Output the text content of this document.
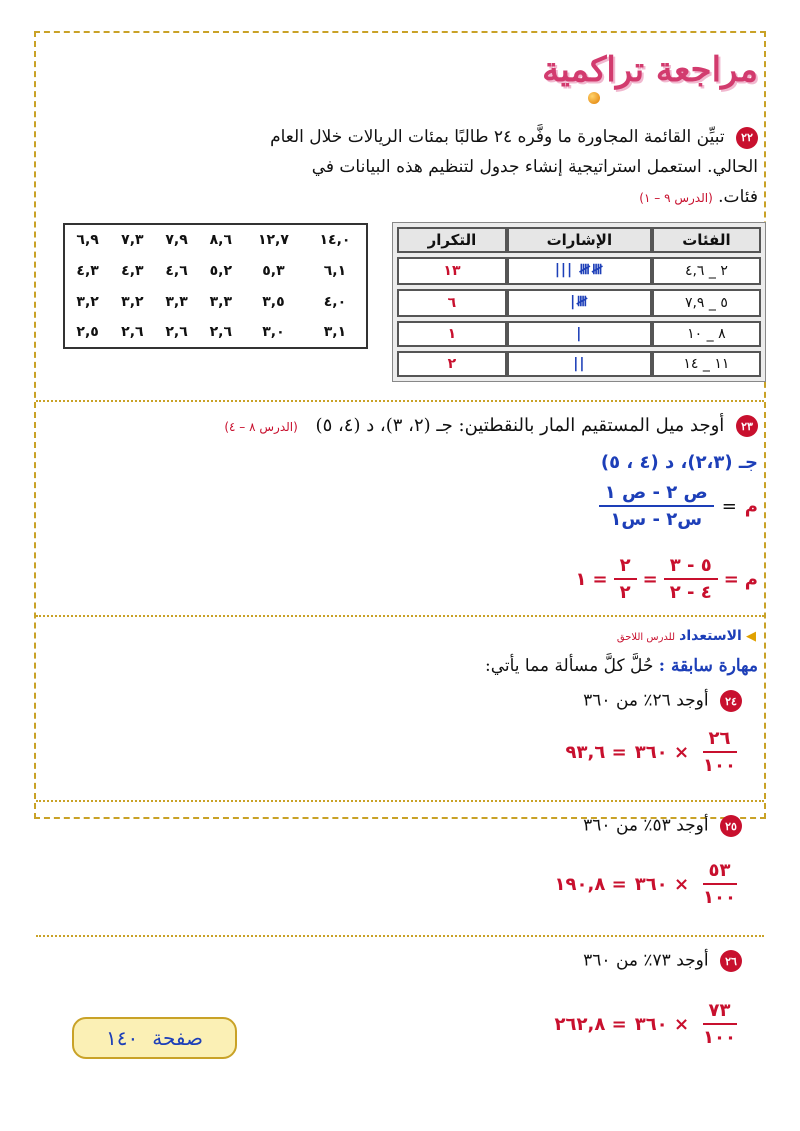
مراجعة تراكمية
٢٢ تبيِّن القائمة المجاورة ما وفَّره ٢٤ طالبًا بمئات الريالات خلال العام الحالي. استعمل استراتيجية إنشاء جدول لتنظيم هذه البيانات في فئات. (الدرس ٩ – ١)
الفئات	الإشارات	التكرار
٢ _ ٤,٦	𝍸𝍸 |||	١٣
٥ _ ٧,٩	𝍸|	٦
٨ _ ١٠	|	١
١١ _ ١٤	||	٢
١٤,٠	١٢,٧	٨,٦	٧,٩	٧,٣	٦,٩
٦,١	٥,٣	٥,٢	٤,٦	٤,٣	٤,٣
٤,٠	٣,٥	٣,٣	٣,٣	٣,٢	٣,٢
٣,١	٣,٠	٢,٦	٢,٦	٢,٦	٢,٥
٢٣ أوجد ميل المستقيم المار بالنقطتين: جـ (٢، ٣)، د (٤، ٥) (الدرس ٨ – ٤)
جـ (٢،٣)، د (٤ ، ٥)
م
=
$\frac{\text{ص ٢ - ص ١}}{\text{س٢ - س١}}$
م
=
$\frac{٥ - ٣}{٤ - ٢}$
=
$\frac{٢}{٢}$
=
١
◀ الاستعداد للدرس اللاحق
مهارة سابقة : حُلَّ كلَّ مسألة مما يأتي:
٢٤ أوجد ٢٦٪ من ٣٦٠
$\frac{٢٦}{١٠٠}$
× ٣٦٠
= ٩٣,٦
٢٥ أوجد ٥٣٪ من ٣٦٠
$\frac{٥٣}{١٠٠}$
× ٣٦٠
= ١٩٠,٨
٢٦ أوجد ٧٣٪ من ٣٦٠
$\frac{٧٣}{١٠٠}$
× ٣٦٠
= ٢٦٢,٨
صفحة
١٤٠
